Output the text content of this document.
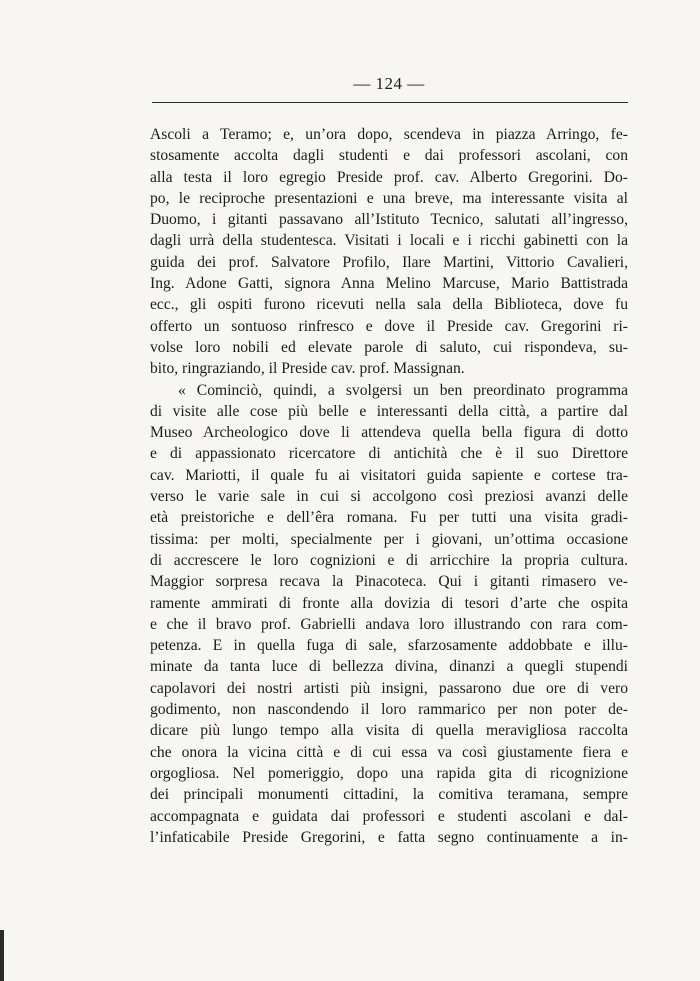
— 124 —
Ascoli a Teramo; e, un’ora dopo, scendeva in piazza Arringo, fe-
stosamente accolta dagli studenti e dai professori ascolani, con
alla testa il loro egregio Preside prof. cav. Alberto Gregorini. Do-
po, le reciproche presentazioni e una breve, ma interessante visita al
Duomo, i gitanti passavano all’Istituto Tecnico, salutati all’ingresso,
dagli urrà della studentesca. Visitati i locali e i ricchi gabinetti con la
guida dei prof. Salvatore Profilo, Ilare Martini, Vittorio Cavalieri,
Ing. Adone Gatti, signora Anna Melino Marcuse, Mario Battistrada
ecc., gli ospiti furono ricevuti nella sala della Biblioteca, dove fu
offerto un sontuoso rinfresco e dove il Preside cav. Gregorini ri-
volse loro nobili ed elevate parole di saluto, cui rispondeva, su-
bito, ringraziando, il Preside cav. prof. Massignan.
« Cominciò, quindi, a svolgersi un ben preordinato programma
di visite alle cose più belle e interessanti della città, a partire dal
Museo Archeologico dove li attendeva quella bella figura di dotto
e di appassionato ricercatore di antichità che è il suo Direttore
cav. Mariotti, il quale fu ai visitatori guida sapiente e cortese tra-
verso le varie sale in cui si accolgono così preziosi avanzi delle
età preistoriche e dell’êra romana. Fu per tutti una visita gradi-
tissima: per molti, specialmente per i giovani, un’ottima occasione
di accrescere le loro cognizioni e di arricchire la propria cultura.
Maggior sorpresa recava la Pinacoteca. Qui i gitanti rimasero ve-
ramente ammirati di fronte alla dovizia di tesori d’arte che ospita
e che il bravo prof. Gabrielli andava loro illustrando con rara com-
petenza. E in quella fuga di sale, sfarzosamente addobbate e illu-
minate da tanta luce di bellezza divina, dinanzi a quegli stupendi
capolavori dei nostri artisti più insigni, passarono due ore di vero
godimento, non nascondendo il loro rammarico per non poter de-
dicare più lungo tempo alla visita di quella meravigliosa raccolta
che onora la vicina città e di cui essa va così giustamente fiera e
orgogliosa. Nel pomeriggio, dopo una rapida gita di ricognizione
dei principali monumenti cittadini, la comitiva teramana, sempre
accompagnata e guidata dai professori e studenti ascolani e dal-
l’infaticabile Preside Gregorini, e fatta segno continuamente a in-
